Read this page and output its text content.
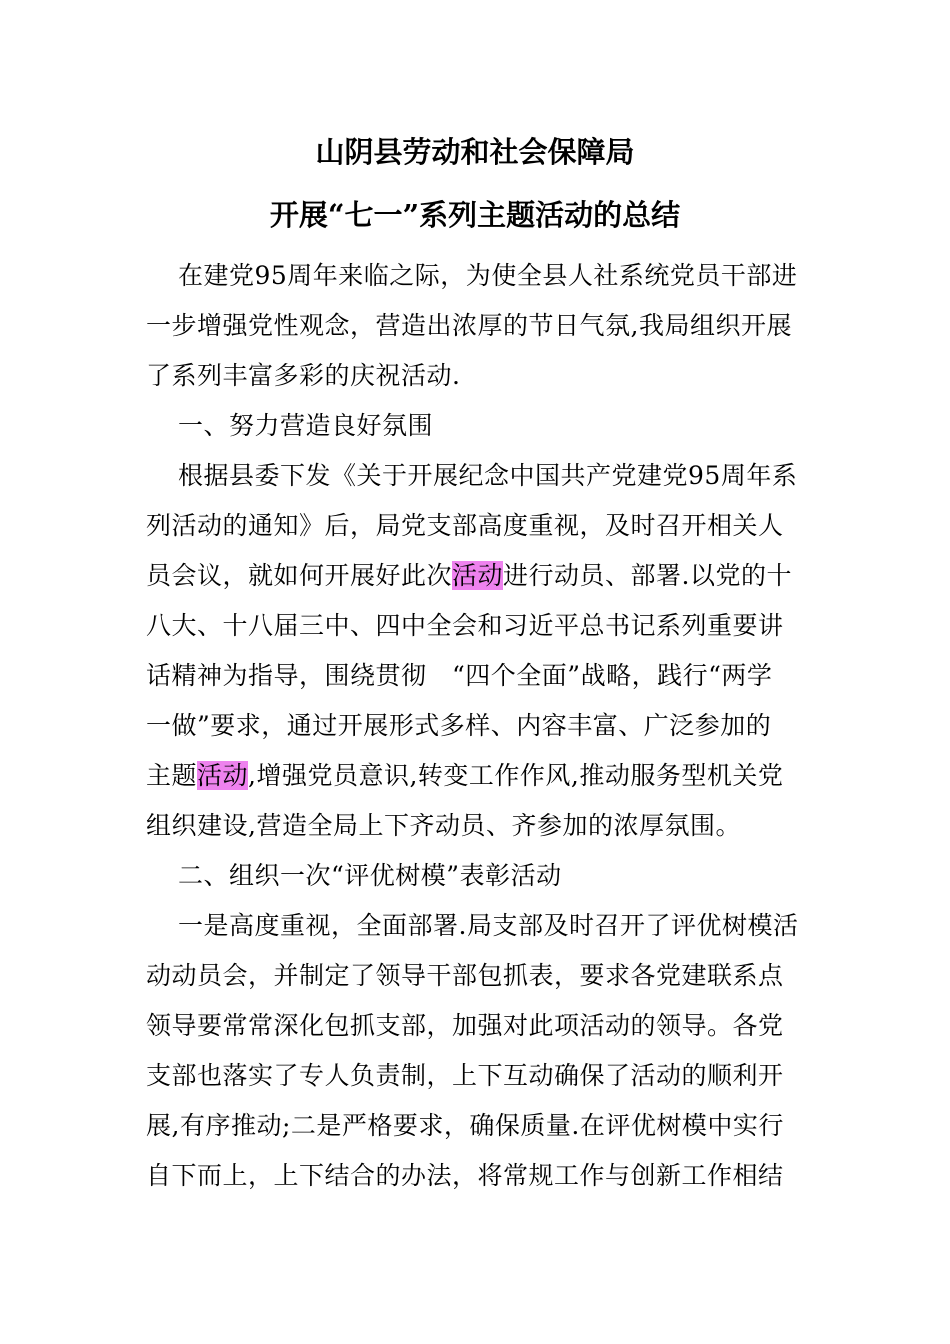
山阴县劳动和社会保障局
开展“七一”系列主题活动的总结
在建党95周年来临之际，为使全县人社系统党员干部进
一步增强党性观念，营造出浓厚的节日气氛,我局组织开展
了系列丰富多彩的庆祝活动.
一、努力营造良好氛围
根据县委下发《关于开展纪念中国共产党建党95周年系
列活动的通知》后，局党支部高度重视，及时召开相关人
员会议，就如何开展好此次活动进行动员、部署.以党的十
八大、十八届三中、四中全会和习近平总书记系列重要讲
话精神为指导，围绕贯彻　“四个全面”战略，践行“两学
一做”要求，通过开展形式多样、内容丰富、广泛参加的
主题活动,增强党员意识,转变工作作风,推动服务型机关党
组织建设,营造全局上下齐动员、齐参加的浓厚氛围。
二、组织一次“评优树模”表彰活动
一是高度重视，全面部署.局支部及时召开了评优树模活
动动员会，并制定了领导干部包抓表，要求各党建联系点
领导要常常深化包抓支部，加强对此项活动的领导。各党
支部也落实了专人负责制，上下互动确保了活动的顺利开
展,有序推动;二是严格要求，确保质量.在评优树模中实行
自下而上，上下结合的办法，将常规工作与创新工作相结
